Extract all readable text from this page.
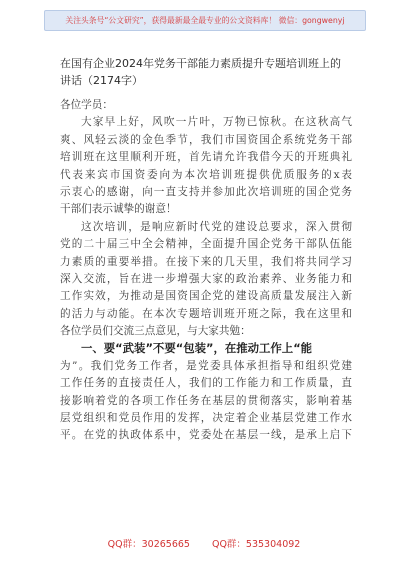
关注头条号“公文研究”，获得最新最全最专业的公文资料库！ 微信：gongwenyj
在国有企业2024年党务干部能力素质提升专题培训班上的
讲话（2174字）
各位学员：
大家早上好，风吹一片叶，万物已惊秋。在这秋高气
爽、风轻云淡的金色季节，我们市国资国企系统党务干部
培训班在这里顺利开班，首先请允许我借今天的开班典礼
代表来宾市国资委向为本次培训班提供优质服务的x表
示衷心的感谢，向一直支持并参加此次培训班的国企党务
干部们表示诚挚的谢意！
这次培训，是响应新时代党的建设总要求，深入贯彻
党的二十届三中全会精神，全面提升国企党务干部队伍能
力素质的重要举措。在接下来的几天里，我们将共同学习
深入交流，旨在进一步增强大家的政治素养、业务能力和
工作实效，为推动是国资国企党的建设高质量发展注入新
的活力与动能。在本次专题培训班开班之际，我在这里和
各位学员们交流三点意见，与大家共勉：
一、要“武装”不要“包装”，在推动工作上“能
为”。我们党务工作者，是党委具体承担指导和组织党建
工作任务的直接责任人，我们的工作能力和工作质量，直
接影响着党的各项工作任务在基层的贯彻落实，影响着基
层党组织和党员作用的发挥，决定着企业基层党建工作水
平。在党的执政体系中，党委处在基层一线，是承上启下
QQ群：30265665 QQ群：535304092
